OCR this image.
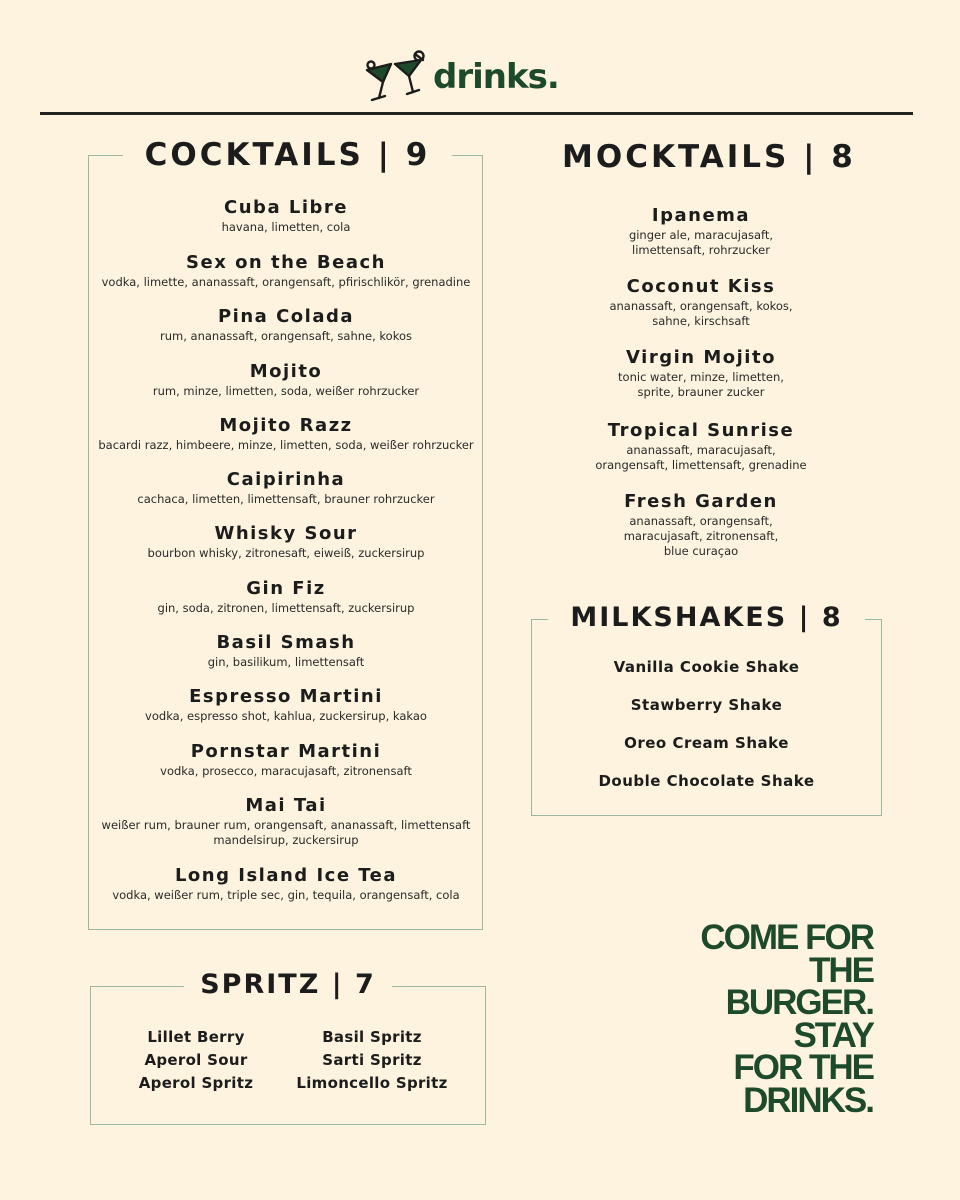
drinks.
COCKTAILS | 9
Cuba Libre
havana, limetten, cola
Sex on the Beach
vodka, limette, ananassaft, orangensaft, pfirischlikör, grenadine
Pina Colada
rum, ananassaft, orangensaft, sahne, kokos
Mojito
rum, minze, limetten, soda, weißer rohrzucker
Mojito Razz
bacardi razz, himbeere, minze, limetten, soda, weißer rohrzucker
Caipirinha
cachaca, limetten, limettensaft, brauner rohrzucker
Whisky Sour
bourbon whisky, zitronesaft, eiweiß, zuckersirup
Gin Fiz
gin, soda, zitronen, limettensaft, zuckersirup
Basil Smash
gin, basilikum, limettensaft
Espresso Martini
vodka, espresso shot, kahlua, zuckersirup, kakao
Pornstar Martini
vodka, prosecco, maracujasaft, zitronensaft
Mai Tai
weißer rum, brauner rum, orangensaft, ananassaft, limettensaft
mandelsirup, zuckersirup
Long Island Ice Tea
vodka, weißer rum, triple sec, gin, tequila, orangensaft, cola
MOCKTAILS | 8
Ipanema
ginger ale, maracujasaft,
limettensaft, rohrzucker
Coconut Kiss
ananassaft, orangensaft, kokos,
sahne, kirschsaft
Virgin Mojito
tonic water, minze, limetten,
sprite, brauner zucker
Tropical Sunrise
ananassaft, maracujasaft,
orangensaft, limettensaft, grenadine
Fresh Garden
ananassaft, orangensaft,
maracujasaft, zitronensaft,
blue curaçao
MILKSHAKES | 8
Vanilla Cookie Shake
Stawberry Shake
Oreo Cream Shake
Double Chocolate Shake
SPRITZ | 7
Lillet Berry	Basil Spritz
Aperol Sour	Sarti Spritz
Aperol Spritz	Limoncello Spritz
COME FOR
THE
BURGER.
STAY
FOR THE
DRINKS.
